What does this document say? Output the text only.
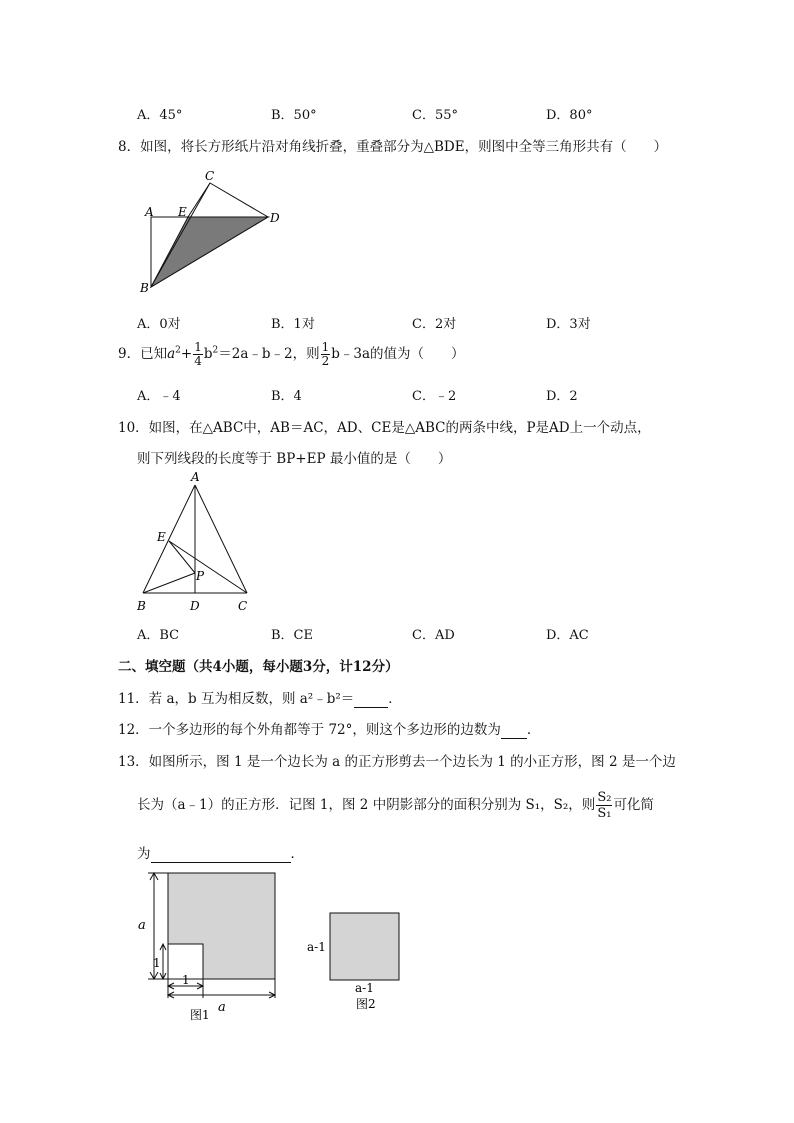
A．45°	B．50°	C．55°	D．80°
8．如图，将长方形纸片沿对角线折叠，重叠部分为△BDE，则图中全等三角形共有（　　）
C
A E	D
B
A．0对	B．1对	C．2对	D．3对
9．已知$a^2+ \frac{1}{4}$ $b^2=2a﹣b﹣2$，则 $\frac{1}{2}$ b﹣3a的值为（　　）
A．﹣4	B．4	C．﹣2	D．2
10．如图，在△ABC中，AB＝AC，AD、CE是△ABC的两条中线，P是AD上一个动点，
则下列线段的长度等于 BP+EP 最小值的是（　　）
A
E
P
B	D	C
A．BC	B．CE	C．AD	D．AC
二、填空题（共4小题，每小题3分，计12分）
11．若 a，b 互为相反数，则 a²﹣b²＝	．
12．一个多边形的每个外角都等于 72°，则这个多边形的边数为 ．
13．如图所示，图 1 是一个边长为 a 的正方形剪去一个边长为 1 的小正方形，图 2 是一个边
长为（a﹣1）的正方形．记图 1，图 2 中阴影部分的面积分别为 S₁，S₂，则 $\frac{\text{S₂}}{\text{S₁}}$ 可化简
为	．
a
1
1
a
图1
a-1
a-1
图2
